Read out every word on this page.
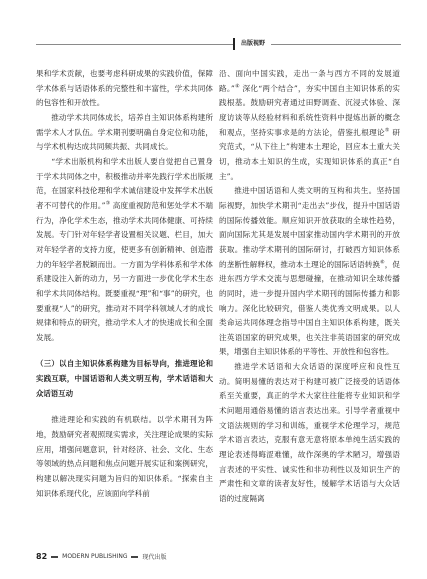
出版视野

果和学术贡献，也要考虑科研成果的实践价值，保障学术体系与话语体系的完整性和丰富性，学术共同体的包容性和开放性。

推动学术共同体成长，培养自主知识体系构建所需学术人才队伍。学术期刊要明确自身定位和功能，与学术机构达成共同频共振、共同成长。

“学术出版机构和学术出版人要自觉把自己置身于学术共同体之中，积极推动并率先践行学术出版规范，在国家科技伦理和学术诚信建设中发挥学术出版者不可替代的作用。”③ 高度重视防范和惩处学术不端行为，净化学术生态，推动学术共同体健康、可持续发展。专门针对年轻学者设置相关议题、栏目，加大对年轻学者的支持力度，使更多有创新精神、创造潜力的年轻学者脱颖而出。一方面为学科体系和学术体系建设注入新的动力，另一方面进一步优化学术生态和学术共同体结构。既要重视“理”和“事”的研究，也要重视“人”的研究，推动对不同学科领域人才的成长规律和特点的研究，推动学术人才的快速成长和全面发展。

（三）以自主知识体系构建为目标导向，推进理论和实践互联，中国话语和人类文明互构，学术话语和大众话语互动

推进理论和实践的有机联结。以学术期刊为阵地，鼓励研究者观照现实需求，关注理论成果的实际应用，增强问题意识，针对经济、社会、文化、生态等领域的热点问题和焦点问题开展实证和案例研究，构建以解决现实问题为旨归的知识体系。“探索自主知识体系现代化，应该面向学科前

沿、面向中国实践，走出一条与西方不同的发展道路。”④ 深化“两个结合”，夯实中国自主知识体系的实践根基。鼓励研究者通过田野调查、沉浸式体验、深度访谈等从经验材料和系统性资料中提炼出新的概念和观点，坚持实事求是的方法论，借鉴扎根理论⑤ 研究范式，“从下往上”构建本土理论，回应本土重大关切，推动本土知识的生成，实现知识体系的真正“自主”。

推进中国话语和人类文明的互构和共生。坚持国际视野，加快学术期刊“走出去”步伐，提升中国话语的国际传播效能。顺应知识开放获取的全球性趋势，面向国际尤其是发展中国家推动国内学术期刊的开放获取。推动学术期刊的国际研讨，打破西方知识体系的垄断性解释权，推动本土理论的国际话语转换⑥，促进东西方学术交流与思想碰撞，在推动知识全球传播的同时，进一步提升国内学术期刊的国际传播力和影响力。深化比较研究，借鉴人类优秀文明成果。以人类命运共同体理念指导中国自主知识体系构建，既关注英语国家的研究成果，也关注非英语国家的研究成果，增强自主知识体系的平等性、开放性和包容性。

推进学术话语和大众话语的深度呼应和良性互动。简明易懂的表达对于构建可被广泛接受的话语体系至关重要，真正的学术大家往往能将专业知识和学术问题用通俗易懂的语言表达出来。引导学者重视中文语法规则的学习和训练，重视学术伦理学习，规范学术语言表达，克服有意无意将原本单纯生活实践的理论表述得晦涩难懂，故作深奥的学术陋习，增强语言表述的平实性、诚实性和非功利性以及知识生产的严肃性和文章的读者友好性，缓解学术话语与大众话语的过度隔离

82	MODERN PUBLISHING	现代出版
